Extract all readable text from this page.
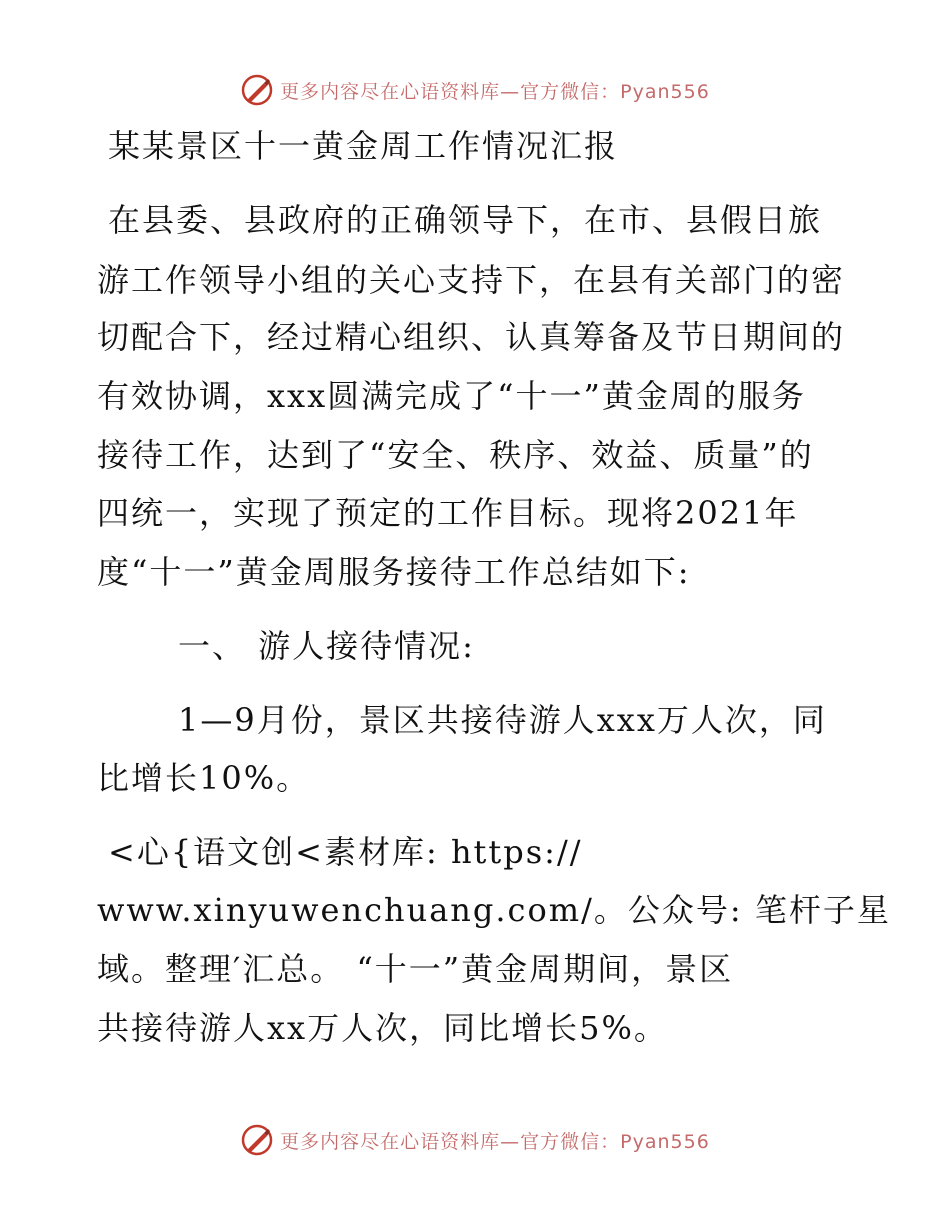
更多内容尽在心语资料库—官方微信：Pyan556
某某景区十一黄金周工作情况汇报
在县委、县政府的正确领导下，在市、县假日旅
游工作领导小组的关心支持下，在县有关部门的密
切配合下，经过精心组织、认真筹备及节日期间的
有效协调，xxx圆满完成了“十一”黄金周的服务
接待工作，达到了“安全、秩序、效益、质量”的
四统一，实现了预定的工作目标。现将2021年
度“十一”黄金周服务接待工作总结如下:
一、 游人接待情况:
1—9月份，景区共接待游人xxx万人次，同
比增长10%。
<心{语文创<素材库: https://
www.xinyuwenchuang.com/。公众号: 笔杆子星
域。整理′汇总。 “十一”黄金周期间，景区
共接待游人xx万人次，同比增长5%。
更多内容尽在心语资料库—官方微信：Pyan556
